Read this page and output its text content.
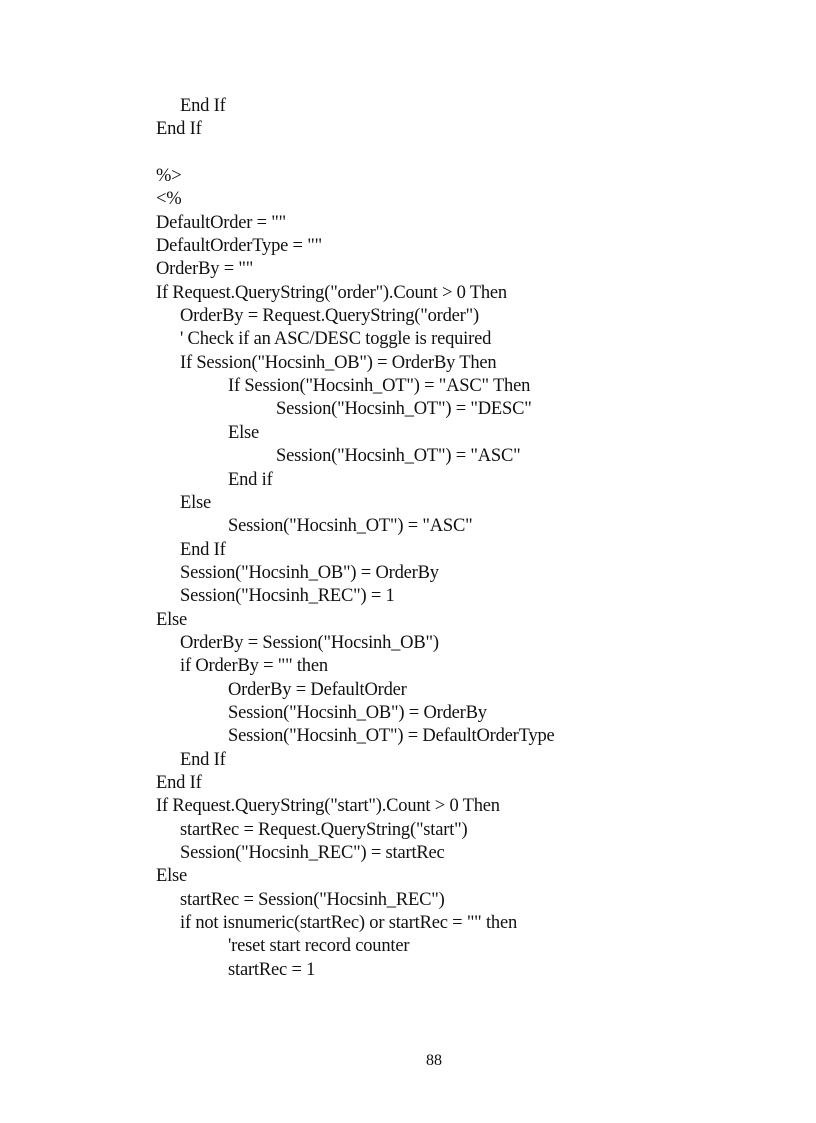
End If
End If
%>
<%
DefaultOrder = ""
DefaultOrderType = ""
OrderBy = ""
If Request.QueryString("order").Count > 0 Then
OrderBy = Request.QueryString("order")
' Check if an ASC/DESC toggle is required
If Session("Hocsinh_OB") = OrderBy Then
If Session("Hocsinh_OT") = "ASC" Then
Session("Hocsinh_OT") = "DESC"
Else
Session("Hocsinh_OT") = "ASC"
End if
Else
Session("Hocsinh_OT") = "ASC"
End If
Session("Hocsinh_OB") = OrderBy
Session("Hocsinh_REC") = 1
Else
OrderBy = Session("Hocsinh_OB")
if OrderBy = "" then
OrderBy = DefaultOrder
Session("Hocsinh_OB") = OrderBy
Session("Hocsinh_OT") = DefaultOrderType
End If
End If
If Request.QueryString("start").Count > 0 Then
startRec = Request.QueryString("start")
Session("Hocsinh_REC") = startRec
Else
startRec = Session("Hocsinh_REC")
if not isnumeric(startRec) or startRec = "" then
'reset start record counter
startRec = 1
88
